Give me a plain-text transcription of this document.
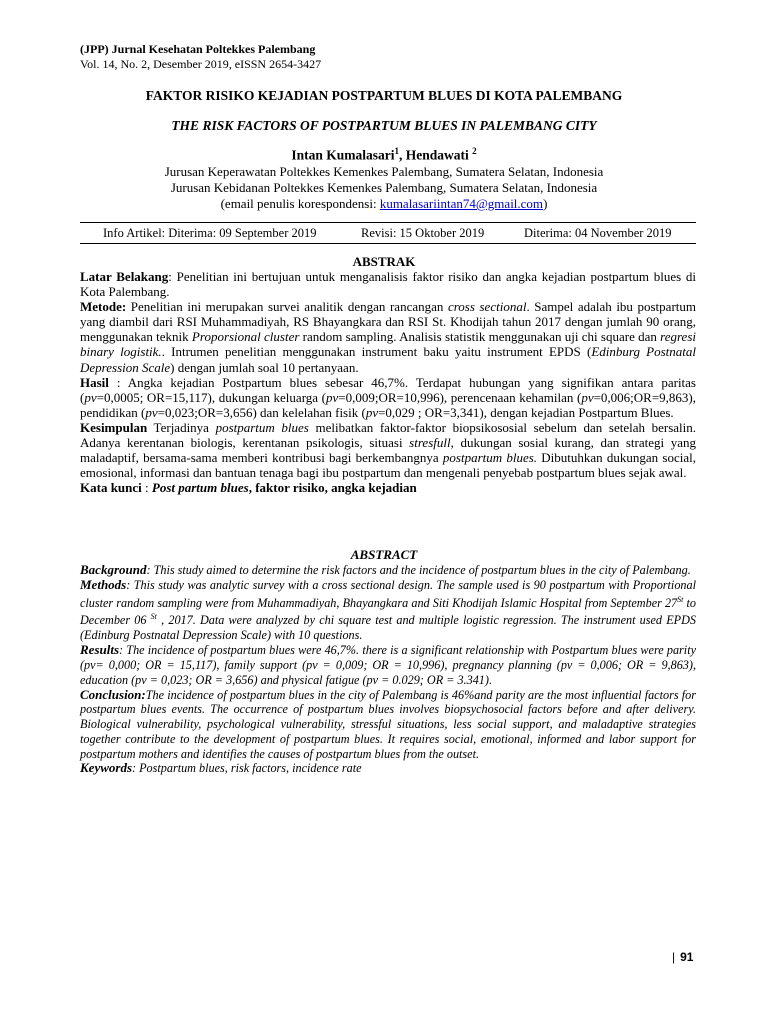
(JPP) Jurnal Kesehatan Poltekkes Palembang
Vol. 14, No. 2, Desember 2019, eISSN 2654-3427
FAKTOR RISIKO KEJADIAN POSTPARTUM BLUES DI KOTA PALEMBANG
THE RISK FACTORS OF POSTPARTUM BLUES IN PALEMBANG CITY
Intan Kumalasari$^1$, Hendawati $^2$
Jurusan Keperawatan Poltekkes Kemenkes Palembang, Sumatera Selatan, Indonesia
Jurusan Kebidanan Poltekkes Kemenkes Palembang, Sumatera Selatan, Indonesia
(email penulis korespondensi: kumalasariintan74@gmail.com)
Info Artikel: Diterima: 09 September 2019	Revisi: 15 Oktober 2019	Diterima: 04 November 2019
ABSTRAK

Latar Belakang: Penelitian ini bertujuan untuk menganalisis faktor risiko dan angka kejadian postpartum blues di Kota Palembang.

Metode: Penelitian ini merupakan survei analitik dengan rancangan cross sectional. Sampel adalah ibu postpartum yang diambil dari RSI Muhammadiyah, RS Bhayangkara dan RSI St. Khodijah tahun 2017 dengan jumlah 90 orang, menggunakan teknik Proporsional cluster random sampling. Analisis statistik menggunakan uji chi square dan regresi binary logistik.. Intrumen penelitian menggunakan instrument baku yaitu instrument EPDS (Edinburg Postnatal Depression Scale) dengan jumlah soal 10 pertanyaan.

Hasil : Angka kejadian Postpartum blues sebesar 46,7%. Terdapat hubungan yang signifikan antara paritas (pv=0,0005; OR=15,117), dukungan keluarga (pv=0,009;OR=10,996), perencenaan kehamilan (pv=0,006;OR=9,863), pendidikan (pv=0,023;OR=3,656) dan kelelahan fisik (pv=0,029 ; OR=3,341), dengan kejadian Postpartum Blues.

Kesimpulan Terjadinya postpartum blues melibatkan faktor-faktor biopsikososial sebelum dan setelah bersalin. Adanya kerentanan biologis, kerentanan psikologis, situasi stresfull, dukungan sosial kurang, dan strategi yang maladaptif, bersama-sama memberi kontribusi bagi berkembangnya postpartum blues. Dibutuhkan dukungan social, emosional, informasi dan bantuan tenaga bagi ibu postpartum dan mengenali penyebab postpartum blues sejak awal.

Kata kunci : Post partum blues, faktor risiko, angka kejadian

ABSTRACT

Background: This study aimed to determine the risk factors and the incidence of postpartum blues in the city of Palembang.

Methods: This study was analytic survey with a cross sectional design. The sample used is 90 postpartum with Proportional cluster random sampling were from Muhammadiyah, Bhayangkara and Siti Khodijah Islamic Hospital from September 27St to December 06 $^{St}$ , 2017. Data were analyzed by chi square test and multiple logistic regression. The instrument used EPDS (Edinburg Postnatal Depression Scale) with 10 questions.

Results: The incidence of postpartum blues were 46,7%. there is a significant relationship with Postpartum blues were parity (pv= 0,000; OR = 15,117), family support (pv = 0,009; OR = 10,996), pregnancy planning (pv = 0,006; OR = 9,863), education (pv = 0,023; OR = 3,656) and physical fatigue (pv = 0.029; OR = 3.341).

Conclusion:The incidence of postpartum blues in the city of Palembang is 46%and parity are the most influential factors for postpartum blues events. The occurrence of postpartum blues involves biopsychosocial factors before and after delivery. Biological vulnerability, psychological vulnerability, stressful situations, less social support, and maladaptive strategies together contribute to the development of postpartum blues. It requires social, emotional, informed and labor support for postpartum mothers and identifies the causes of postpartum blues from the outset.

Keywords: Postpartum blues, risk factors, incidence rate

| 91
